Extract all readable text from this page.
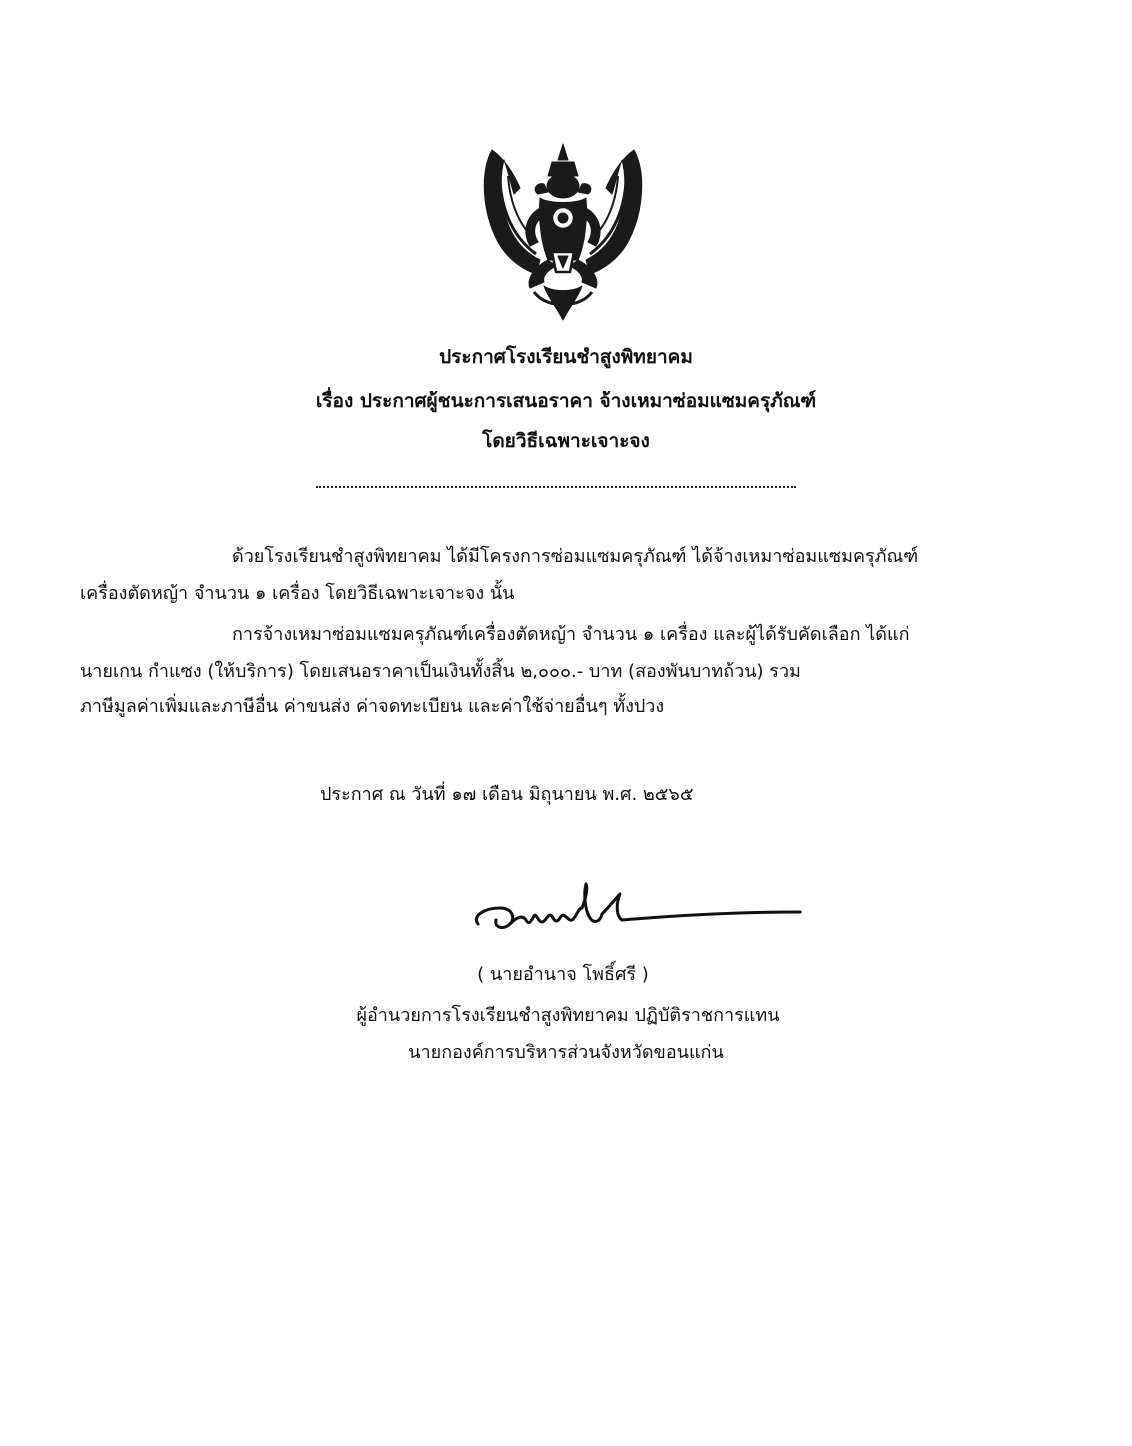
ประกาศโรงเรียนชำสูงพิทยาคม
เรื่อง ประกาศผู้ชนะการเสนอราคา จ้างเหมาซ่อมแซมครุภัณฑ์
โดยวิธีเฉพาะเจาะจง
ด้วยโรงเรียนชำสูงพิทยาคม ได้มีโครงการซ่อมแซมครุภัณฑ์ ได้จ้างเหมาซ่อมแซมครุภัณฑ์
เครื่องตัดหญ้า จำนวน ๑ เครื่อง โดยวิธีเฉพาะเจาะจง นั้น
การจ้างเหมาซ่อมแซมครุภัณฑ์เครื่องตัดหญ้า จำนวน ๑ เครื่อง และผู้ได้รับคัดเลือก ได้แก่
นายเกน กำแซง (ให้บริการ) โดยเสนอราคาเป็นเงินทั้งสิ้น ๒,๐๐๐.- บาท (สองพันบาทถ้วน) รวม
ภาษีมูลค่าเพิ่มและภาษีอื่น ค่าขนส่ง ค่าจดทะเบียน และค่าใช้จ่ายอื่นๆ ทั้งปวง
ประกาศ ณ วันที่ ๑๗ เดือน มิถุนายน พ.ศ. ๒๕๖๕
( นายอำนาจ โพธิ์ศรี )
ผู้อำนวยการโรงเรียนชำสูงพิทยาคม ปฏิบัติราชการแทน
นายกองค์การบริหารส่วนจังหวัดขอนแก่น
